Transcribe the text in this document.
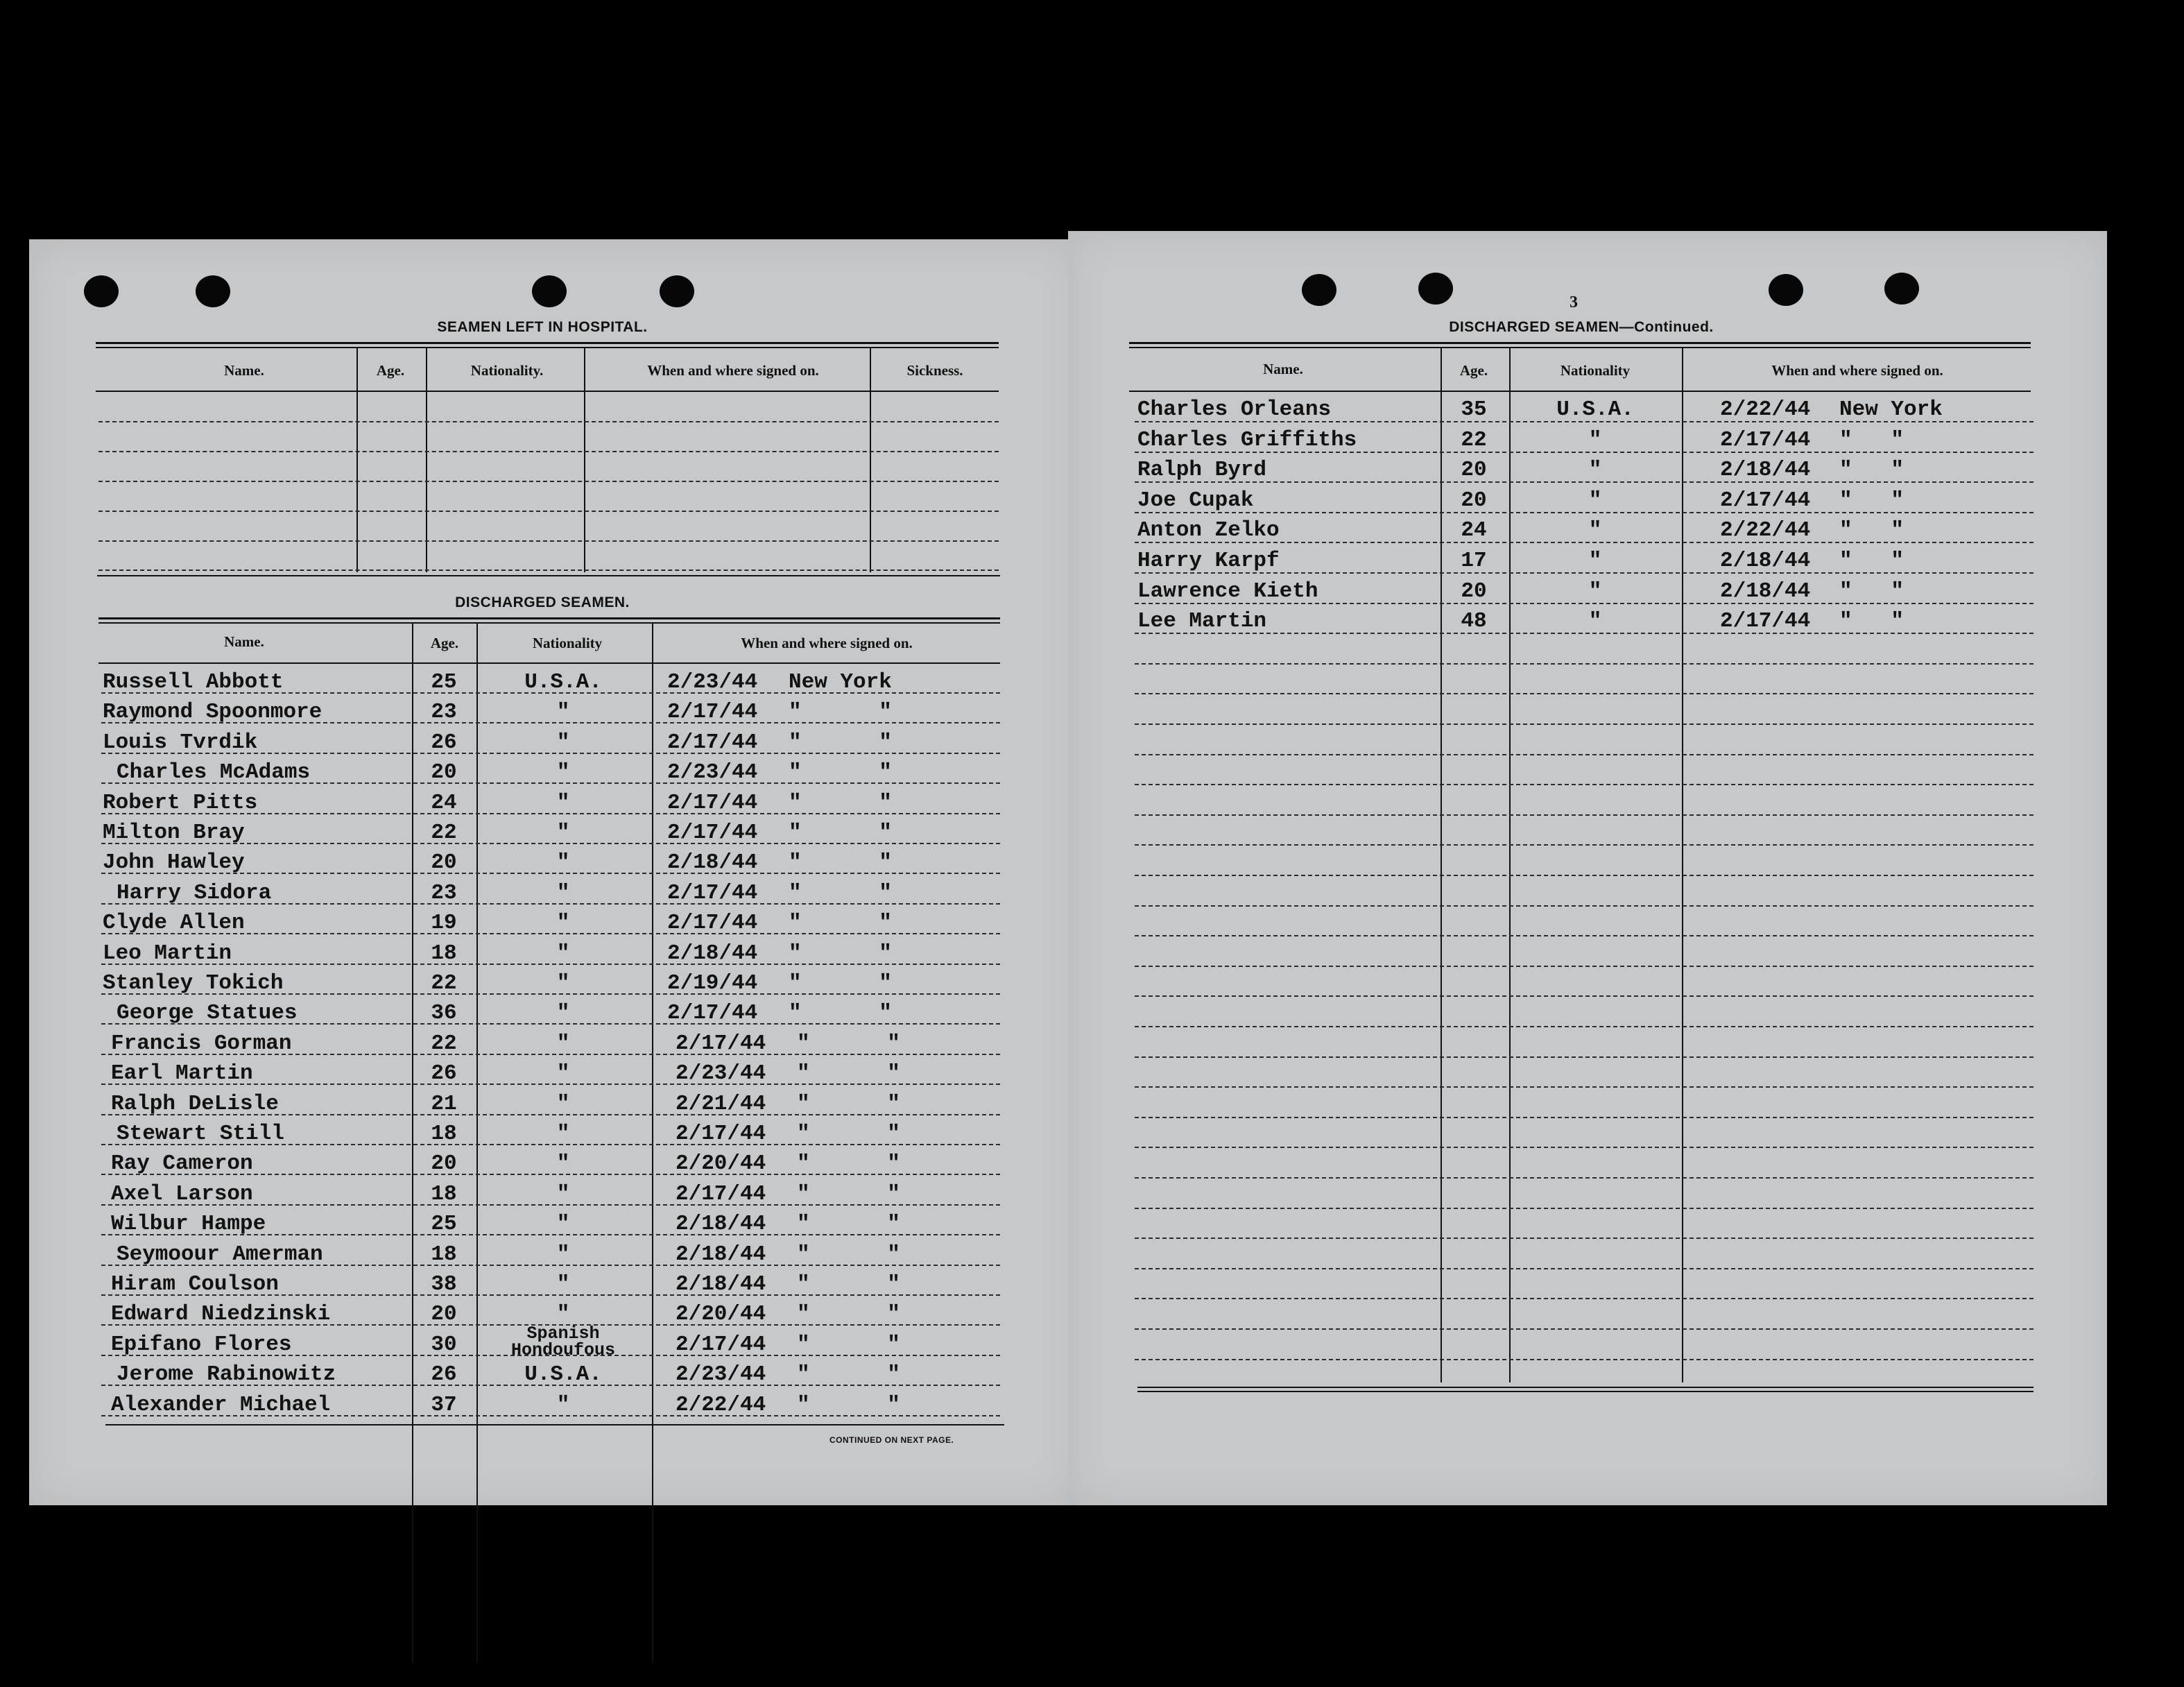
SEAMEN LEFT IN HOSPITAL.
Name.	Age.	Nationality.	When and where signed on.	Sickness.
DISCHARGED SEAMEN.
Name.	Age.	Nationality	When and where signed on.
Russell Abbott	25	U.S.A.	2/23/44 New York
Raymond Spoonmore	23	"	2/17/44 "      "
Louis Tvrdik	26	"	2/17/44 "      "
Charles McAdams	20	"	2/23/44 "      "
Robert Pitts	24	"	2/17/44 "      "
Milton Bray	22	"	2/17/44 "      "
John Hawley	20	"	2/18/44 "      "
Harry Sidora	23	"	2/17/44 "      "
Clyde Allen	19	"	2/17/44 "      "
Leo Martin	18	"	2/18/44 "      "
Stanley Tokich	22	"	2/19/44 "      "
George Statues	36	"	2/17/44 "      "
Francis Gorman	22	"	2/17/44 "      "
Earl Martin	26	"	2/23/44 "      "
Ralph DeLisle	21	"	2/21/44 "      "
Stewart Still	18	"	2/17/44 "      "
Ray Cameron	20	"	2/20/44 "      "
Axel Larson	18	"	2/17/44 "      "
Wilbur Hampe	25	"	2/18/44 "      "
Seymoour Amerman	18	"	2/18/44 "      "
Hiram Coulson	38	"	2/18/44 "      "
Edward Niedzinski	20	"	2/20/44 "      "
Epifano Flores	30	Spanish Hondoufous	2/17/44 "      "
Jerome Rabinowitz	26	U.S.A.	2/23/44 "      "
Alexander Michael	37	"	2/22/44 "      "
CONTINUED ON NEXT PAGE.
3
DISCHARGED SEAMEN—Continued.
Name.	Age.	Nationality	When and where signed on.
Charles Orleans	35	U.S.A.	2/22/44 New York
Charles Griffiths	22	"	2/17/44 "   "
Ralph Byrd	20	"	2/18/44 "   "
Joe Cupak	20	"	2/17/44 "   "
Anton Zelko	24	"	2/22/44 "   "
Harry Karpf	17	"	2/18/44 "   "
Lawrence Kieth	20	"	2/18/44 "   "
Lee Martin	48	"	2/17/44 "   "
